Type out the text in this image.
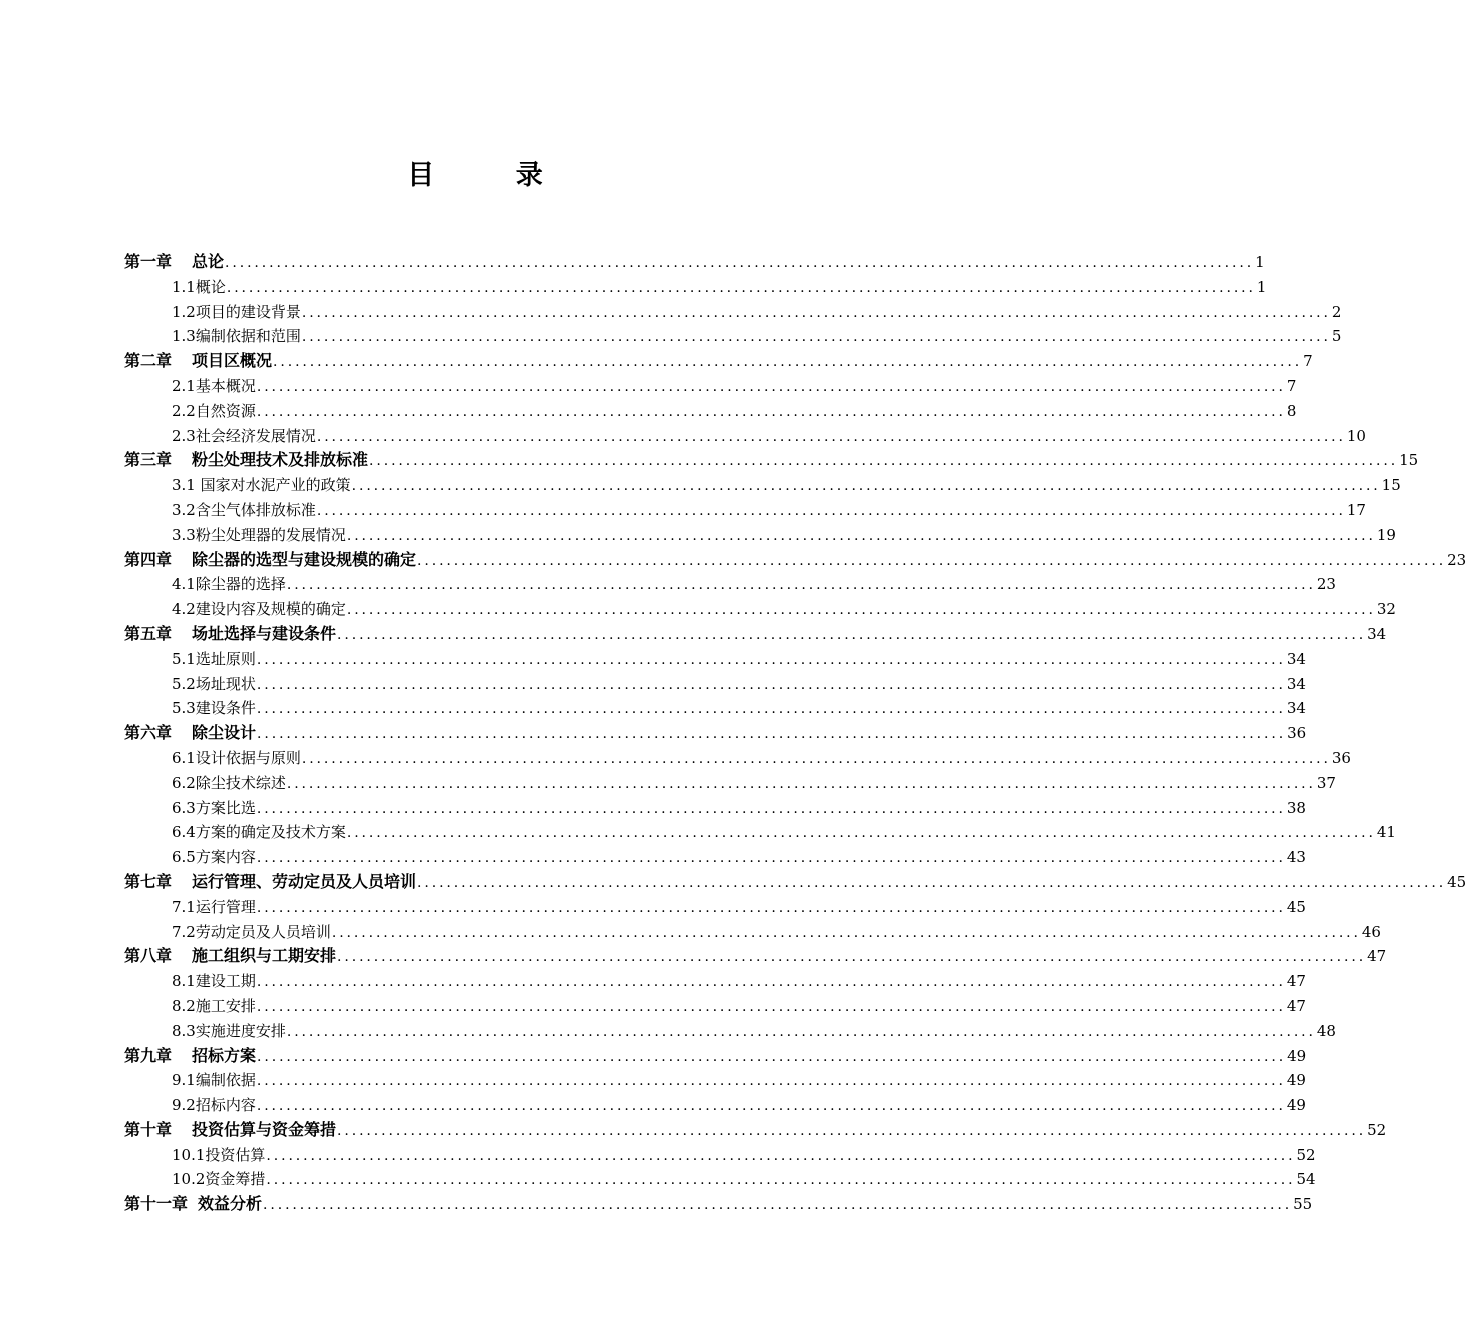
目 录
第一章 总论 ............................................................................................................................................ 1
1.1概论 ............................................................................................................................................ 1
1.2项目的建设背景 ............................................................................................................................................ 2
1.3编制依据和范围 ............................................................................................................................................ 5
第二章 项目区概况 ............................................................................................................................................ 7
2.1基本概况 ............................................................................................................................................ 7
2.2自然资源 ............................................................................................................................................ 8
2.3社会经济发展情况 ............................................................................................................................................ 10
第三章 粉尘处理技术及排放标准 ............................................................................................................................................ 15
3.1 国家对水泥产业的政策 ............................................................................................................................................ 15
3.2含尘气体排放标准 ............................................................................................................................................ 17
3.3粉尘处理器的发展情况 ............................................................................................................................................ 19
第四章 除尘器的选型与建设规模的确定 ............................................................................................................................................ 23
4.1除尘器的选择 ............................................................................................................................................ 23
4.2建设内容及规模的确定 ............................................................................................................................................ 32
第五章 场址选择与建设条件 ............................................................................................................................................ 34
5.1选址原则 ............................................................................................................................................ 34
5.2场址现状 ............................................................................................................................................ 34
5.3建设条件 ............................................................................................................................................ 34
第六章 除尘设计 ............................................................................................................................................ 36
6.1设计依据与原则 ............................................................................................................................................ 36
6.2除尘技术综述 ............................................................................................................................................ 37
6.3方案比选 ............................................................................................................................................ 38
6.4方案的确定及技术方案 ............................................................................................................................................ 41
6.5方案内容 ............................................................................................................................................ 43
第七章 运行管理、劳动定员及人员培训 ............................................................................................................................................ 45
7.1运行管理 ............................................................................................................................................ 45
7.2劳动定员及人员培训 ............................................................................................................................................ 46
第八章 施工组织与工期安排 ............................................................................................................................................ 47
8.1建设工期 ............................................................................................................................................ 47
8.2施工安排 ............................................................................................................................................ 47
8.3实施进度安排 ............................................................................................................................................ 48
第九章 招标方案 ............................................................................................................................................ 49
9.1编制依据 ............................................................................................................................................ 49
9.2招标内容 ............................................................................................................................................ 49
第十章 投资估算与资金筹措 ............................................................................................................................................ 52
10.1投资估算 ............................................................................................................................................ 52
10.2资金筹措 ............................................................................................................................................ 54
第十一章 效益分析 ............................................................................................................................................ 55
